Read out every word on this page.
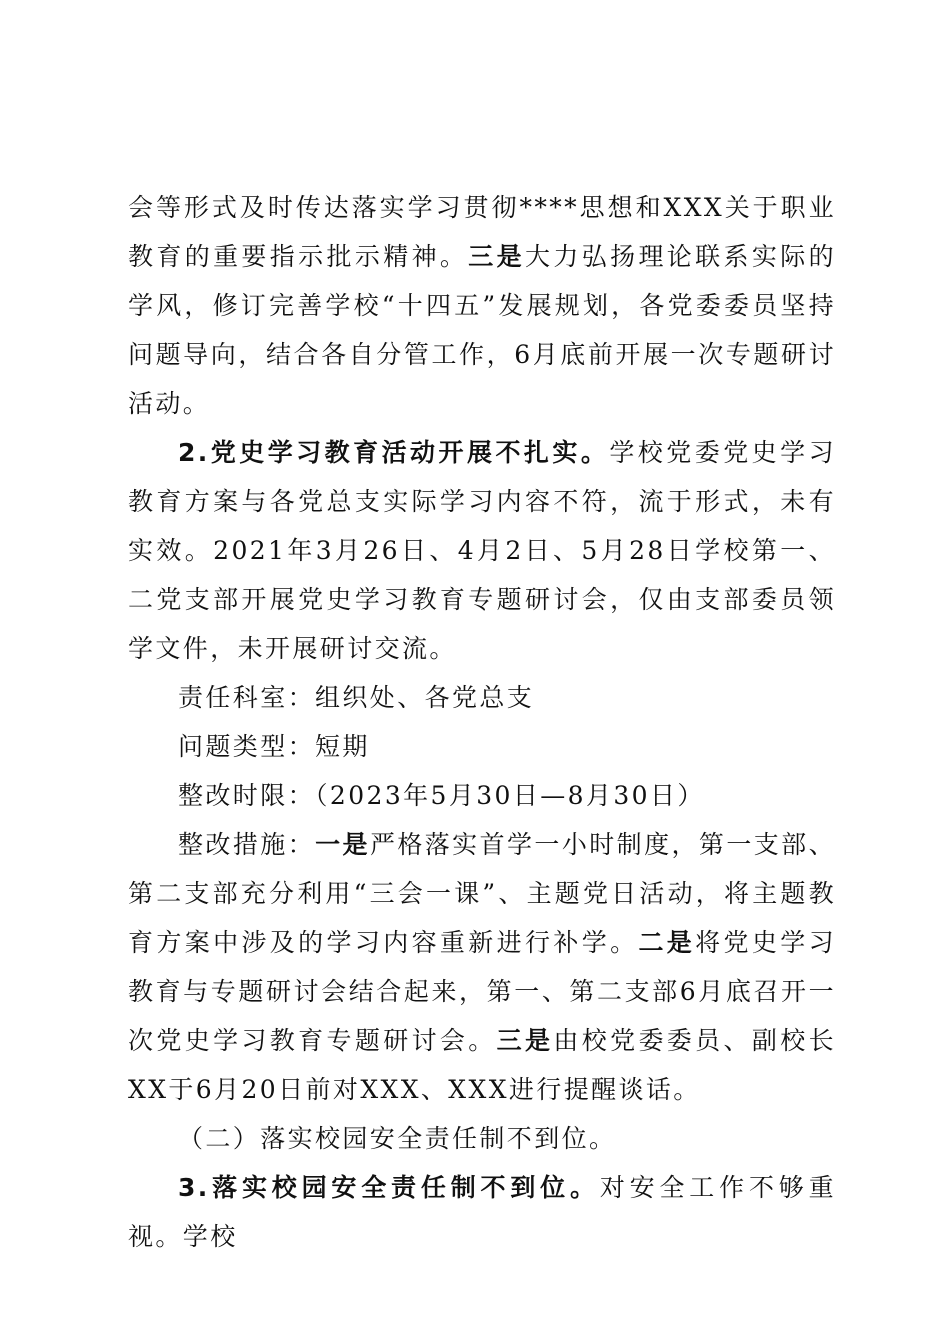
会等形式及时传达落实学习贯彻****思想和XXX关于职业教育的重要指示批示精神。三是大力弘扬理论联系实际的学风，修订完善学校“十四五”发展规划，各党委委员坚持问题导向，结合各自分管工作，6月底前开展一次专题研讨活动。

2.党史学习教育活动开展不扎实。学校党委党史学习教育方案与各党总支实际学习内容不符，流于形式，未有实效。2021年3月26日、4月2日、5月28日学校第一、二党支部开展党史学习教育专题研讨会，仅由支部委员领学文件，未开展研讨交流。

责任科室：组织处、各党总支

问题类型：短期

整改时限：（2023年5月30日—8月30日）

整改措施：一是严格落实首学一小时制度，第一支部、第二支部充分利用“三会一课”、主题党日活动，将主题教育方案中涉及的学习内容重新进行补学。二是将党史学习教育与专题研讨会结合起来，第一、第二支部6月底召开一次党史学习教育专题研讨会。三是由校党委委员、副校长XX于6月20日前对XXX、XXX进行提醒谈话。

（二）落实校园安全责任制不到位。

3.落实校园安全责任制不到位。对安全工作不够重视。学校
